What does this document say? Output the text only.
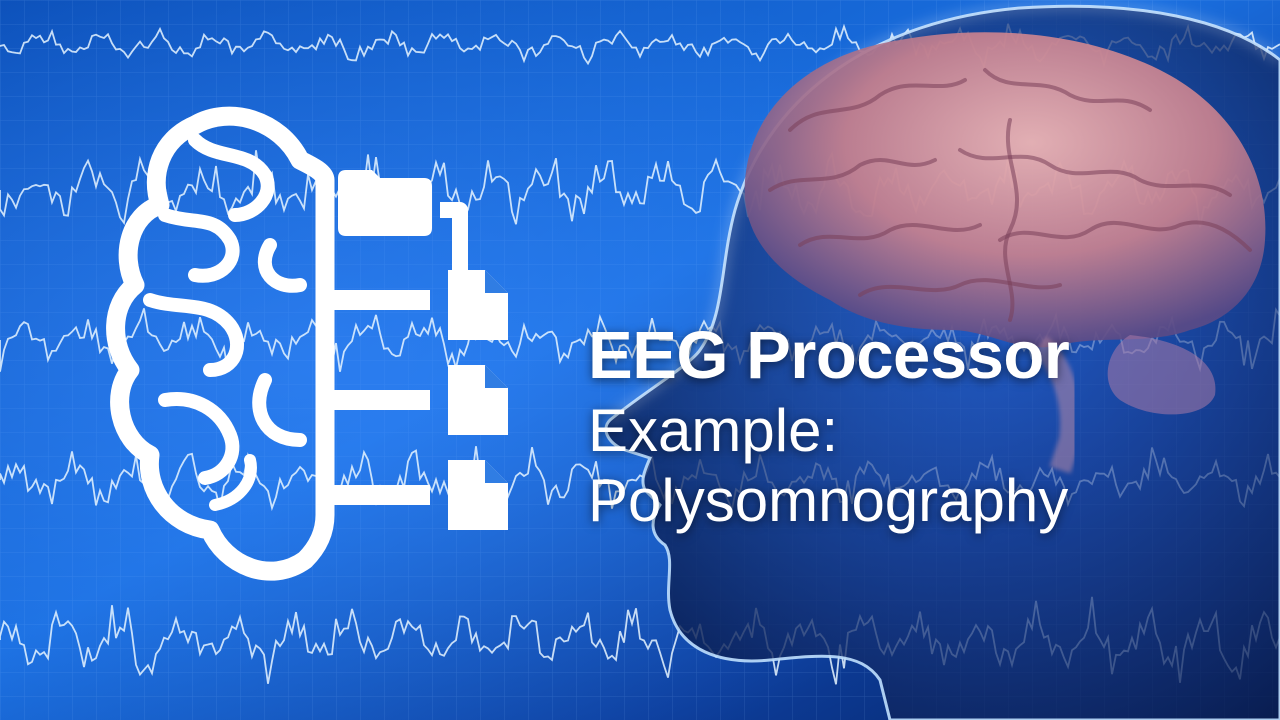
EEG Processor
Example:
Polysomnography
